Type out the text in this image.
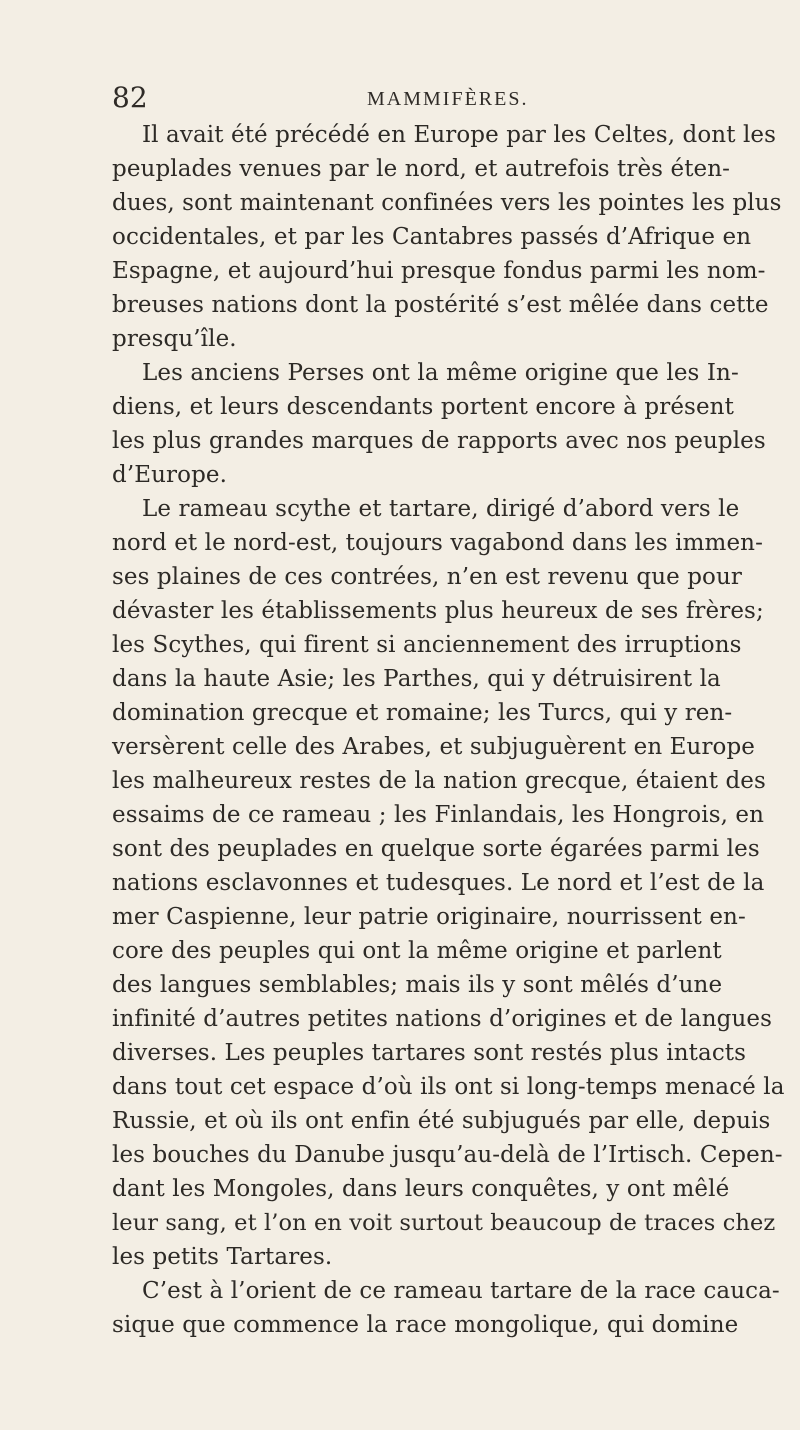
82	MAMMIFÈRES.
Il avait été précédé en Europe par les Celtes, dont les
peuplades venues par le nord, et autrefois très éten-
dues, sont maintenant confinées vers les pointes les plus
occidentales, et par les Cantabres passés d’Afrique en
Espagne, et aujourd’hui presque fondus parmi les nom-
breuses nations dont la postérité s’est mêlée dans cette
presqu’île.
Les anciens Perses ont la même origine que les In-
diens, et leurs descendants portent encore à présent
les plus grandes marques de rapports avec nos peuples
d’Europe.
Le rameau scythe et tartare, dirigé d’abord vers le
nord et le nord-est, toujours vagabond dans les immen-
ses plaines de ces contrées, n’en est revenu que pour
dévaster les établissements plus heureux de ses frères;
les Scythes, qui firent si anciennement des irruptions
dans la haute Asie; les Parthes, qui y détruisirent la
domination grecque et romaine; les Turcs, qui y ren-
versèrent celle des Arabes, et subjuguèrent en Europe
les malheureux restes de la nation grecque, étaient des
essaims de ce rameau ; les Finlandais, les Hongrois, en
sont des peuplades en quelque sorte égarées parmi les
nations esclavonnes et tudesques. Le nord et l’est de la
mer Caspienne, leur patrie originaire, nourrissent en-
core des peuples qui ont la même origine et parlent
des langues semblables; mais ils y sont mêlés d’une
infinité d’autres petites nations d’origines et de langues
diverses. Les peuples tartares sont restés plus intacts
dans tout cet espace d’où ils ont si long-temps menacé la
Russie, et où ils ont enfin été subjugués par elle, depuis
les bouches du Danube jusqu’au-delà de l’Irtisch. Cepen-
dant les Mongoles, dans leurs conquêtes, y ont mêlé
leur sang, et l’on en voit surtout beaucoup de traces chez
les petits Tartares.
C’est à l’orient de ce rameau tartare de la race cauca-
sique que commence la race mongolique, qui domine
